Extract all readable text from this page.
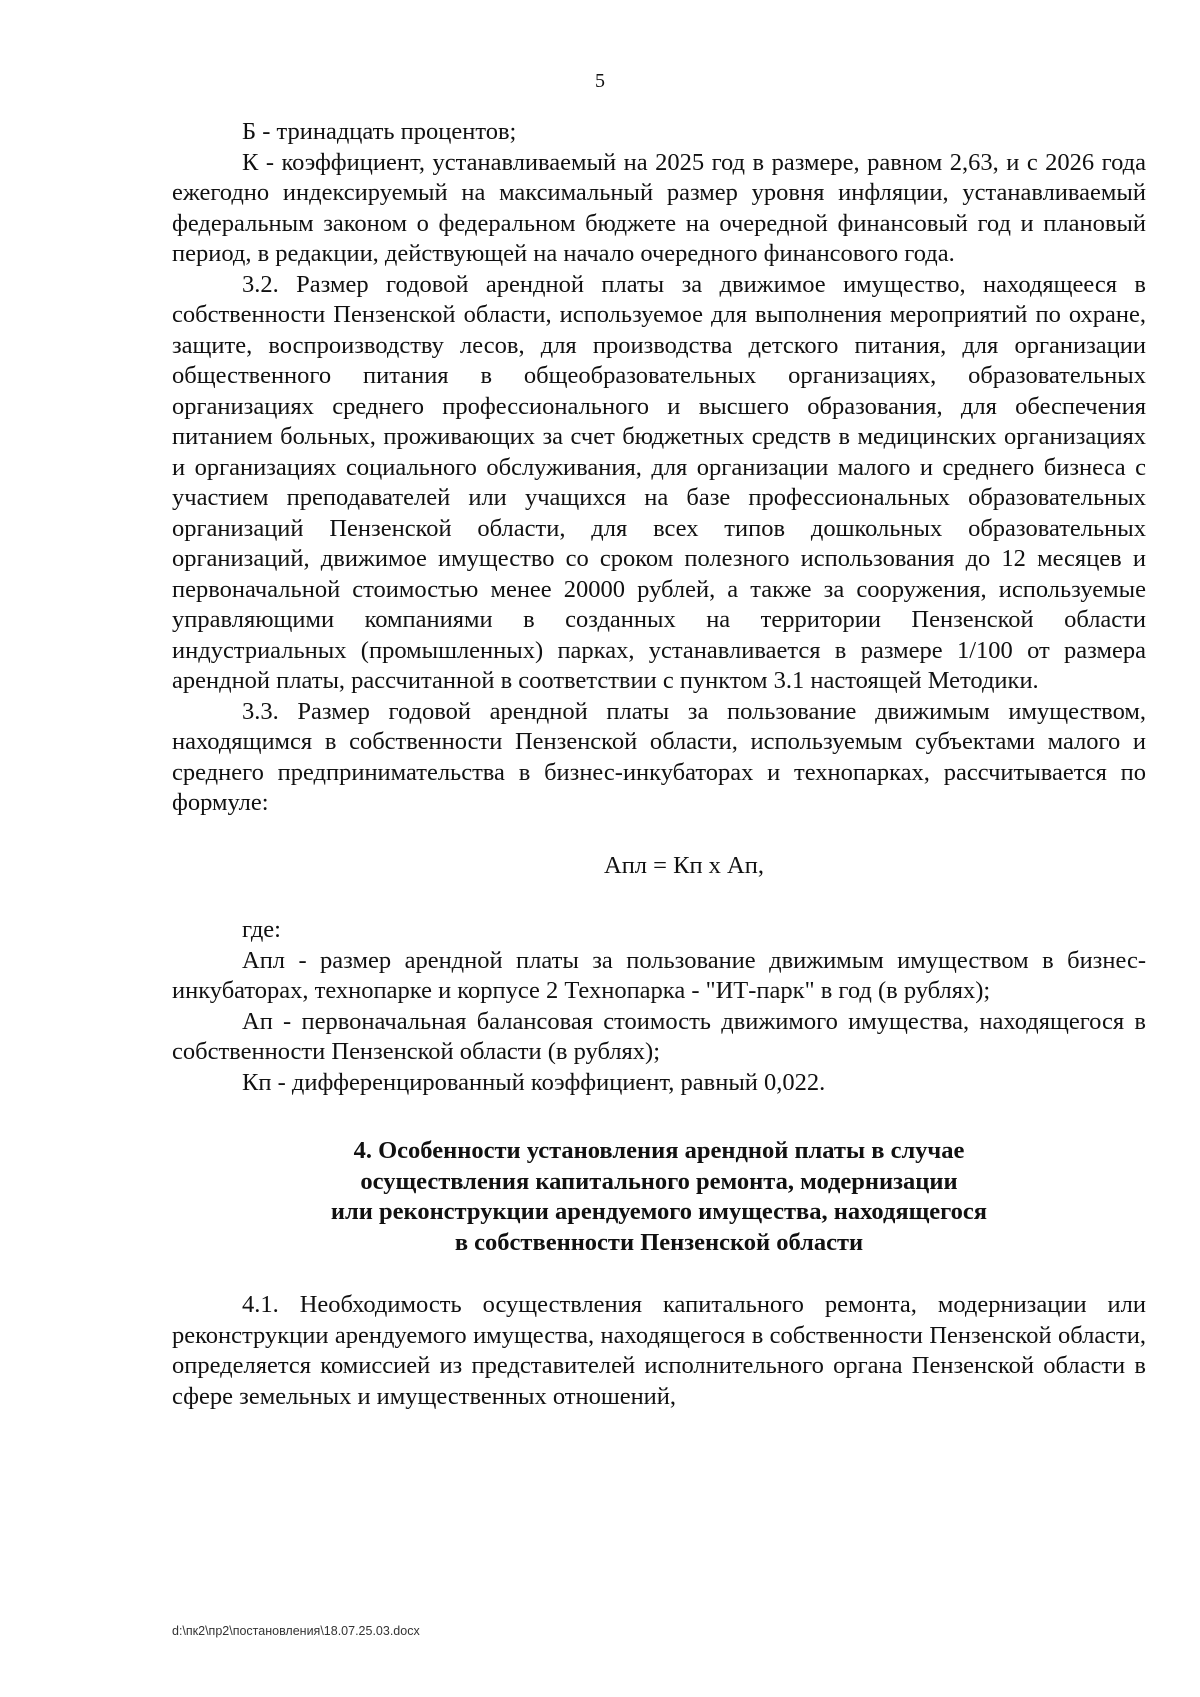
5

Б - тринадцать процентов;

К - коэффициент, устанавливаемый на 2025 год в размере, равном 2,63, и с 2026 года ежегодно индексируемый на максимальный размер уровня инфляции, устанавливаемый федеральным законом о федеральном бюджете на очередной финансовый год и плановый период, в редакции, действующей на начало очередного финансового года.

3.2. Размер годовой арендной платы за движимое имущество, находящееся в собственности Пензенской области, используемое для выполнения мероприятий по охране, защите, воспроизводству лесов, для производства детского питания, для организации общественного питания в общеобразовательных организациях, образовательных организациях среднего профессионального и высшего образования, для обеспечения питанием больных, проживающих за счет бюджетных средств в медицинских организациях и организациях социального обслуживания, для организации малого и среднего бизнеса с участием преподавателей или учащихся на базе профессиональных образовательных организаций Пензенской области, для всех типов дошкольных образовательных организаций, движимое имущество со сроком полезного использования до 12 месяцев и первоначальной стоимостью менее 20000 рублей, а также за сооружения, используемые управляющими компаниями в созданных на территории Пензенской области индустриальных (промышленных) парках, устанавливается в размере 1/100 от размера арендной платы, рассчитанной в соответствии с пунктом 3.1 настоящей Методики.

3.3. Размер годовой арендной платы за пользование движимым имуществом, находящимся в собственности Пензенской области, используемым субъектами малого и среднего предпринимательства в бизнес-инкубаторах и технопарках, рассчитывается по формуле:

Апл = Кп х Ап,

где:

Апл - размер арендной платы за пользование движимым имуществом в бизнес-инкубаторах, технопарке и корпусе 2 Технопарка - "ИТ-парк" в год (в рублях);

Ап - первоначальная балансовая стоимость движимого имущества, находящегося в собственности Пензенской области (в рублях);

Кп - дифференцированный коэффициент, равный 0,022.

4. Особенности установления арендной платы в случае
осуществления капитального ремонта, модернизации
или реконструкции арендуемого имущества, находящегося
в собственности Пензенской области

4.1. Необходимость осуществления капитального ремонта, модернизации или реконструкции арендуемого имущества, находящегося в собственности Пензенской области, определяется комиссией из представителей исполнительного органа Пензенской области в сфере земельных и имущественных отношений,

d:\пк2\пр2\постановления\18.07.25.03.docx
